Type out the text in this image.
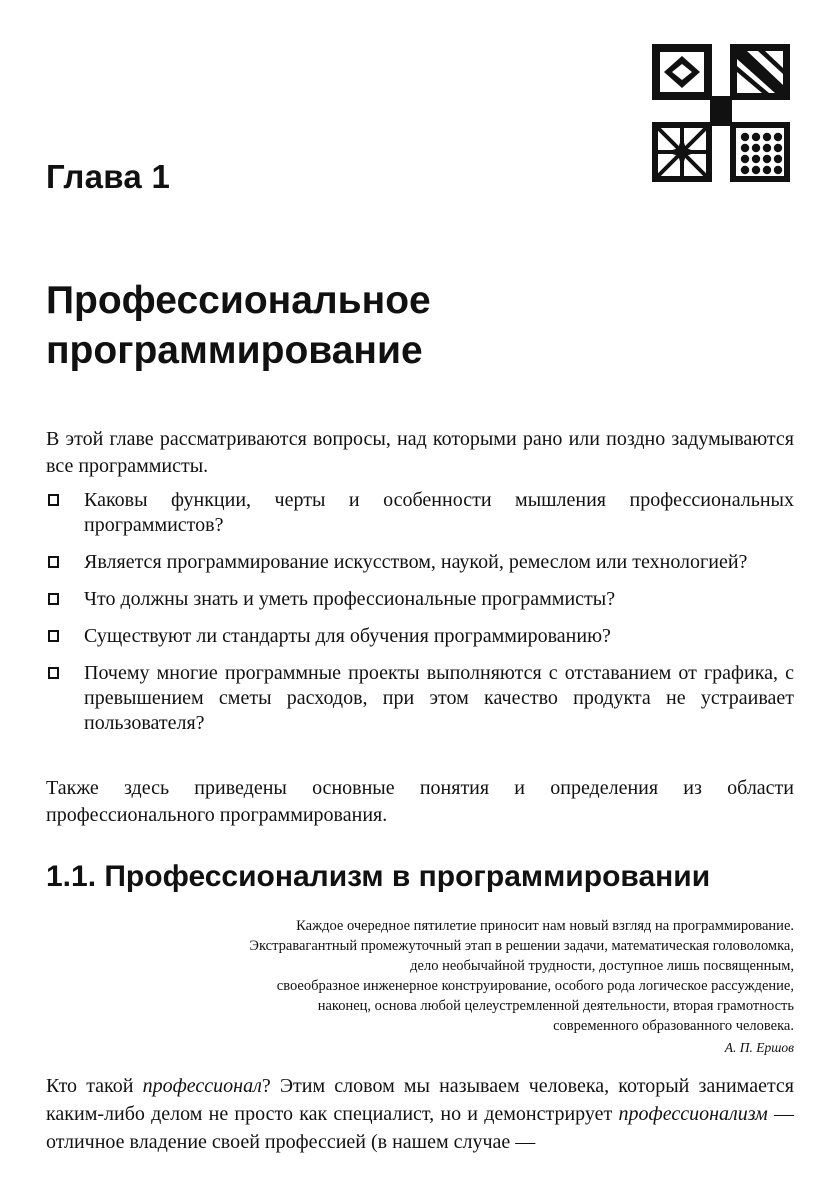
Глава 1
Профессиональное
программирование

В этой главе рассматриваются вопросы, над которыми рано или поздно задумываются все программисты.

Каковы функции, черты и особенности мышления профессиональных программистов?
Является программирование искусством, наукой, ремеслом или технологией?
Что должны знать и уметь профессиональные программисты?
Существуют ли стандарты для обучения программированию?
Почему многие программные проекты выполняются с отставанием от графика, с превышением сметы расходов, при этом качество продукта не устраивает пользователя?

Также здесь приведены основные понятия и определения из области профессионального программирования.

1.1. Профессионализм в программировании
Каждое очередное пятилетие приносит нам новый взгляд на программирование.
Экстравагантный промежуточный этап в решении задачи, математическая головоломка,
дело необычайной трудности, доступное лишь посвященным,
своеобразное инженерное конструирование, особого рода логическое рассуждение,
наконец, основа любой целеустремленной деятельности, вторая грамотность
современного образованного человека.

А. П. Ершов

Кто такой профессионал? Этим словом мы называем человека, который занимается каким-либо делом не просто как специалист, но и демонстрирует профессионализм — отличное владение своей профессией (в нашем случае —
